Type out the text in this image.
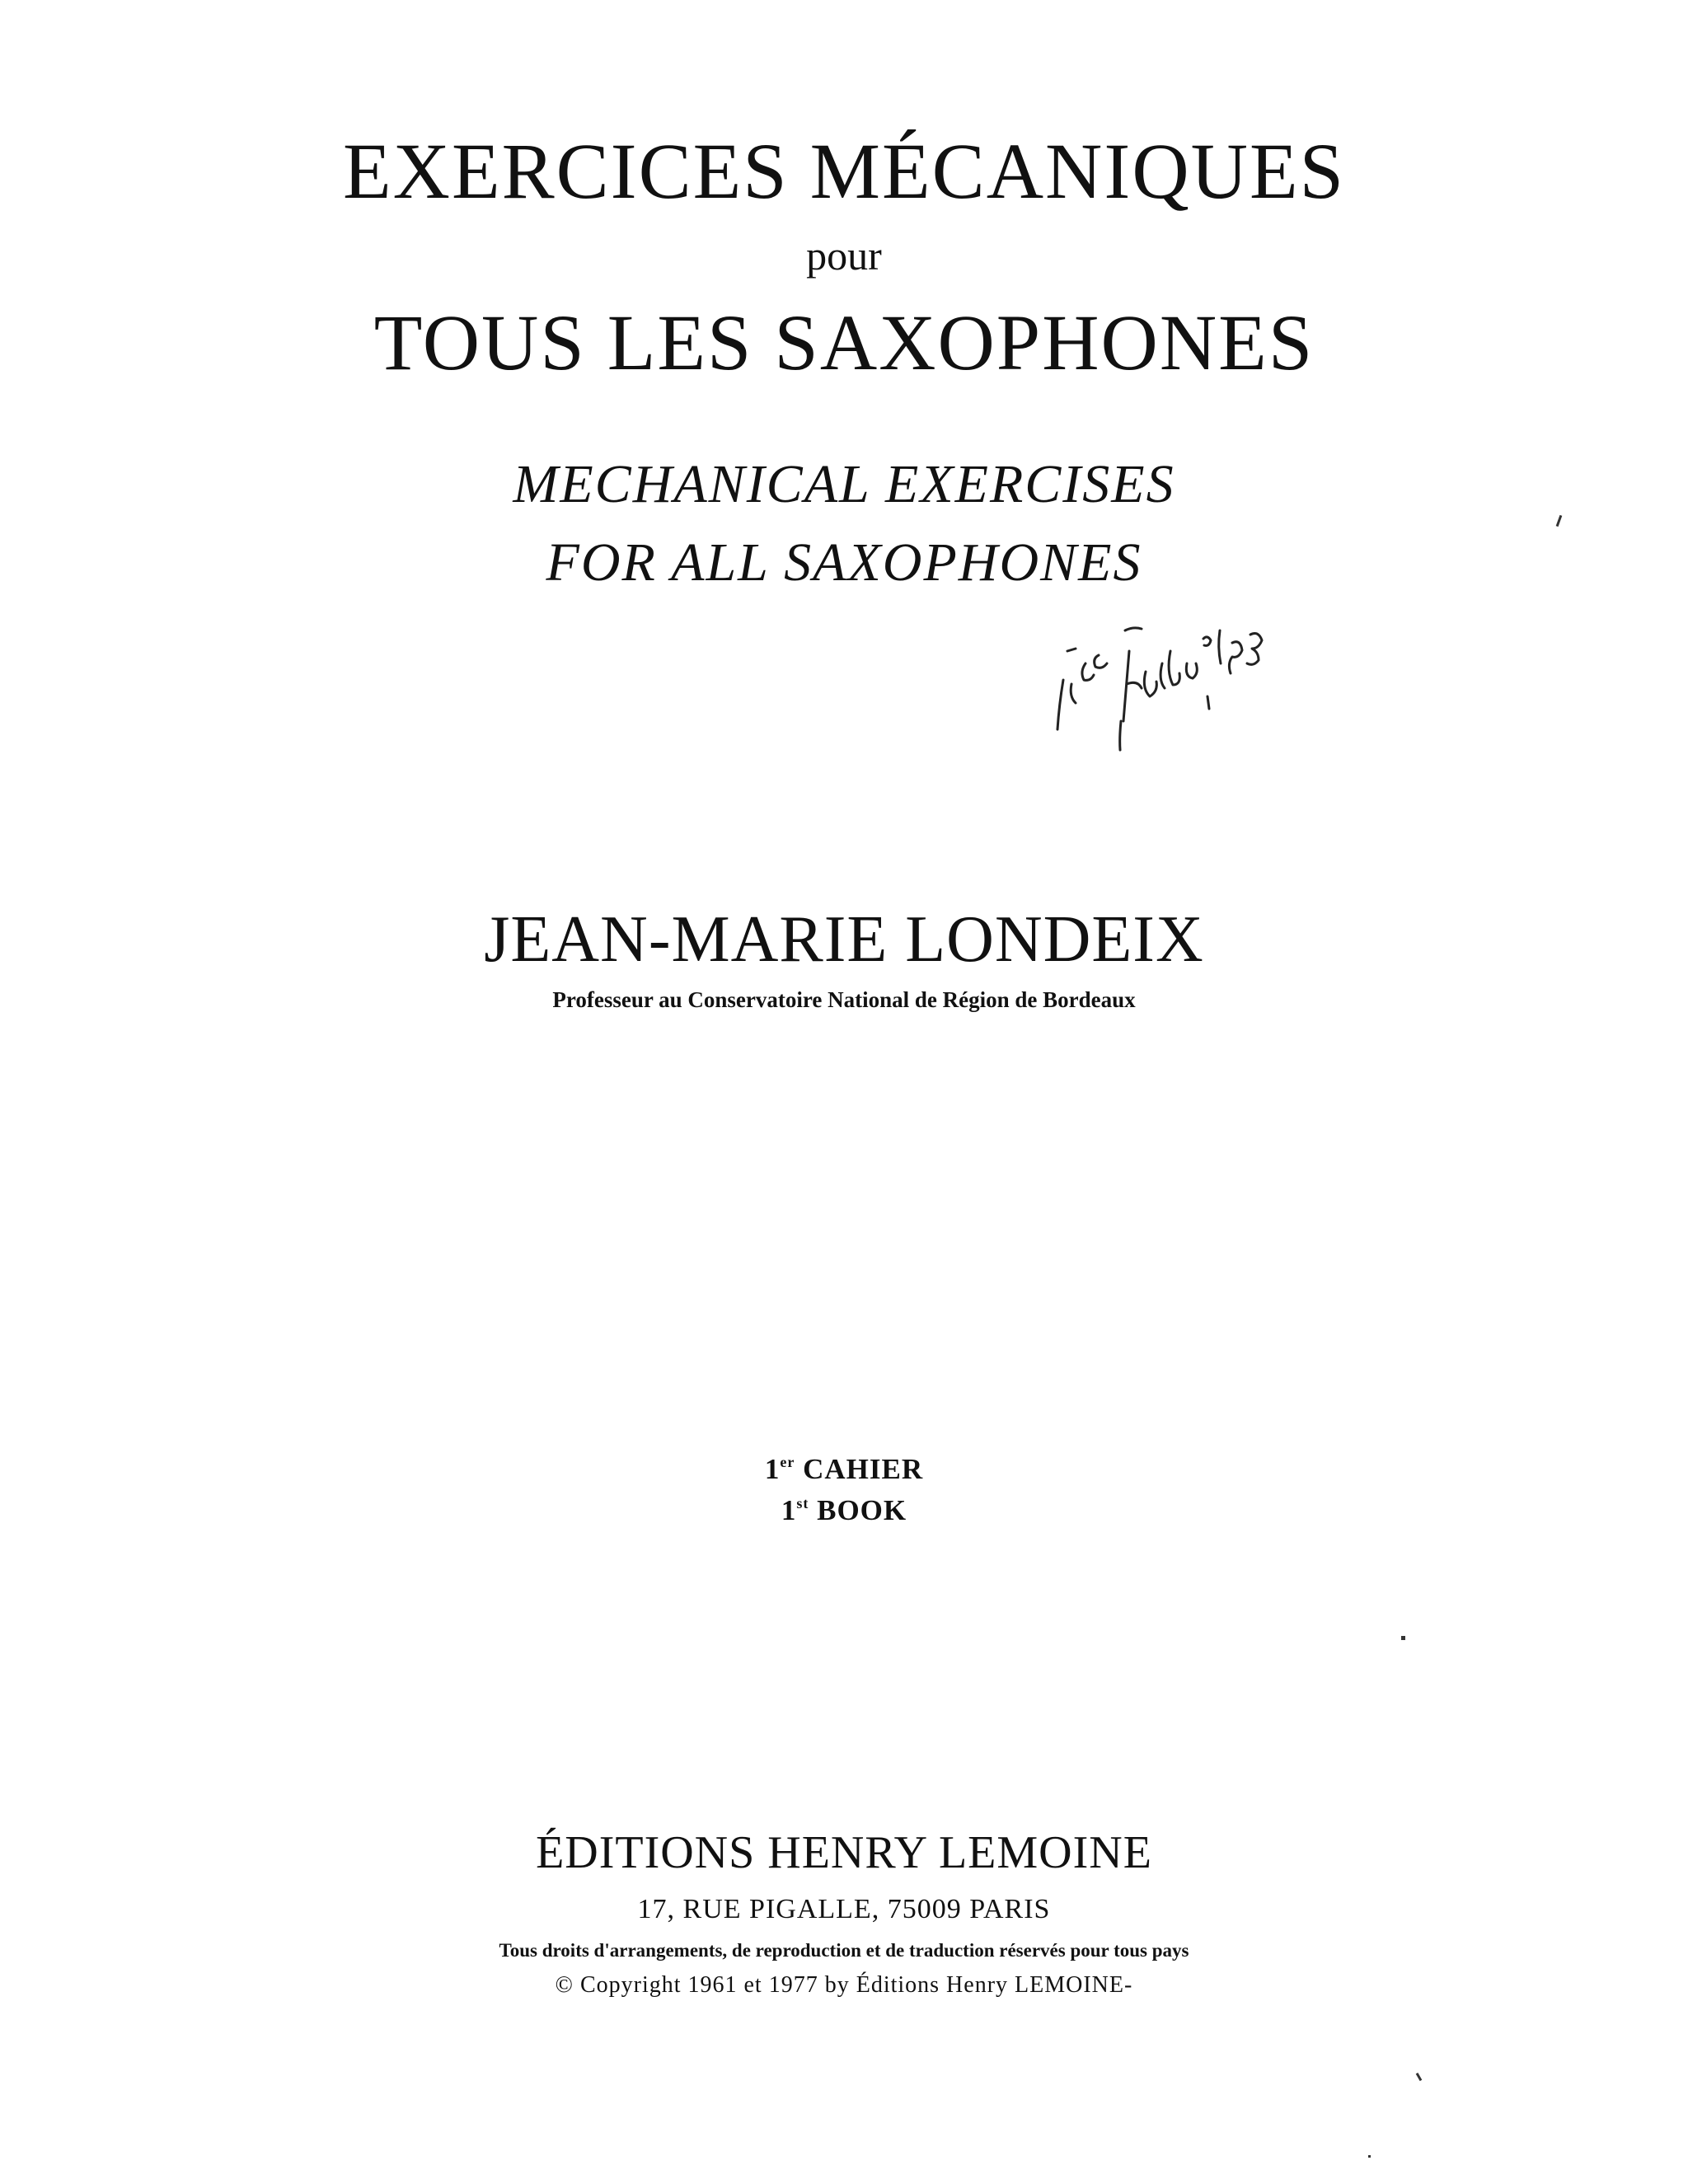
EXERCICES MÉCANIQUES
pour
TOUS LES SAXOPHONES
MECHANICAL EXERCISES
FOR ALL SAXOPHONES
JEAN-MARIE LONDEIX
Professeur au Conservatoire National de Région de Bordeaux
1er CAHIER
1st BOOK
ÉDITIONS HENRY LEMOINE
17, RUE PIGALLE, 75009 PARIS
Tous droits d'arrangements, de reproduction et de traduction réservés pour tous pays
© Copyright 1961 et 1977 by Éditions Henry LEMOINE-
